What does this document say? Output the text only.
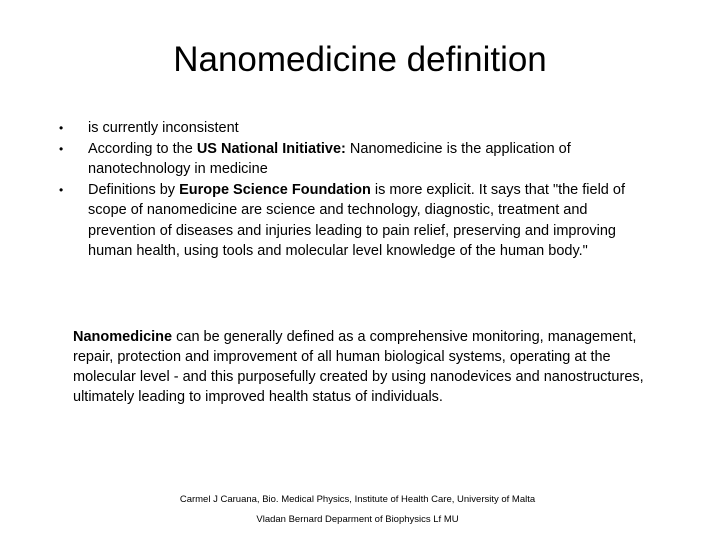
Nanomedicine definition
• is currently inconsistent
• According to the US National Initiative: Nanomedicine is the application of nanotechnology in medicine
• Definitions by Europe Science Foundation is more explicit. It says that "the field of scope of nanomedicine are science and technology, diagnostic, treatment and prevention of diseases and injuries leading to pain relief, preserving and improving human health, using tools and molecular level knowledge of the human body."

Nanomedicine can be generally defined as a comprehensive monitoring, management, repair, protection and improvement of all human biological systems, operating at the molecular level - and this purposefully created by using nanodevices and nanostructures, ultimately leading to improved health status of individuals.

Carmel J Caruana, Bio. Medical Physics, Institute of Health Care, University of Malta
Vladan Bernard Deparment of Biophysics Lf MU
